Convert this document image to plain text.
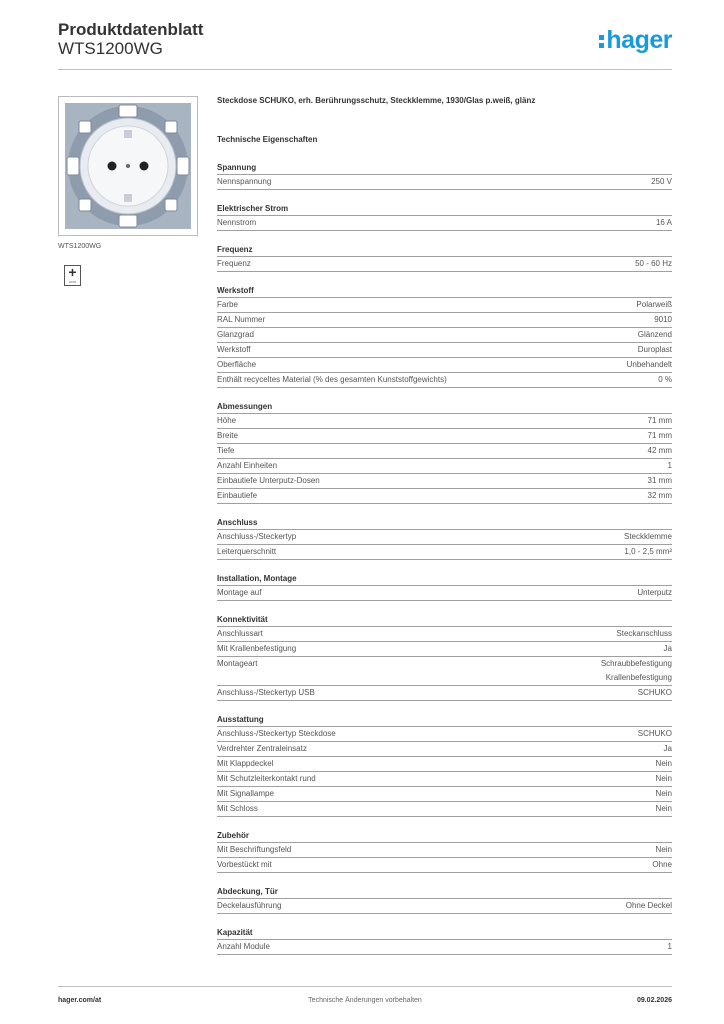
Produktdatenblatt
WTS1200WG	hager
WTS1200WG
+
▭▭
Steckdose SCHUKO, erh. Berührungsschutz, Steckklemme, 1930/Glas p.weiß, glänz
Technische Eigenschaften
Spannung
Nennspannung	250 V
Elektrischer Strom
Nennstrom	16 A
Frequenz
Frequenz	50 - 60 Hz
Werkstoff
Farbe	Polarweiß
RAL Nummer	9010
Glanzgrad	Glänzend
Werkstoff	Duroplast
Oberfläche	Unbehandelt
Enthält recyceltes Material (% des gesamten Kunststoffgewichts)	0 %
Abmessungen
Höhe	71 mm
Breite	71 mm
Tiefe	42 mm
Anzahl Einheiten	1
Einbautiefe Unterputz-Dosen	31 mm
Einbautiefe	32 mm
Anschluss
Anschluss-/Steckertyp	Steckklemme
Leiterquerschnitt	1,0 - 2,5 mm²
Installation, Montage
Montage auf	Unterputz
Konnektivität
Anschlussart	Steckanschluss
Mit Krallenbefestigung	Ja
Montageart	Schraubbefestigung
Krallenbefestigung
Anschluss-/Steckertyp USB	SCHUKO
Ausstattung
Anschluss-/Steckertyp Steckdose	SCHUKO
Verdrehter Zentraleinsatz	Ja
Mit Klappdeckel	Nein
Mit Schutzleiterkontakt rund	Nein
Mit Signallampe	Nein
Mit Schloss	Nein
Zubehör
Mit Beschriftungsfeld	Nein
Vorbestückt mit	Ohne
Abdeckung, Tür
Deckelausführung	Ohne Deckel
Kapazität
Anzahl Module	1
hager.com/at	Technische Änderungen vorbehalten	09.02.2026
